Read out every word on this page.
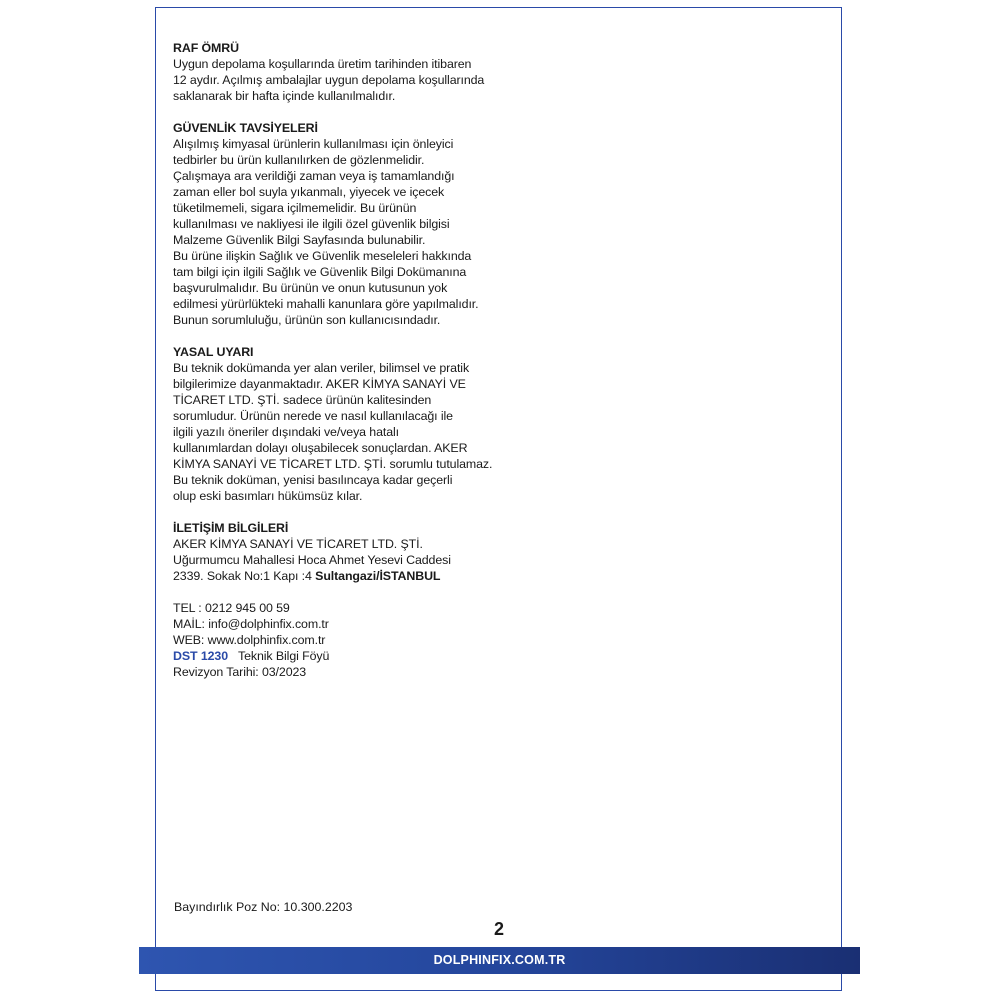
RAF ÖMRÜ
Uygun depolama koşullarında üretim tarihinden itibaren
12 aydır. Açılmış ambalajlar uygun depolama koşullarında
saklanarak bir hafta içinde kullanılmalıdır.
GÜVENLİK TAVSİYELERİ
Alışılmış kimyasal ürünlerin kullanılması için önleyici
tedbirler bu ürün kullanılırken de gözlenmelidir.
Çalışmaya ara verildiği zaman veya iş tamamlandığı
zaman eller bol suyla yıkanmalı, yiyecek ve içecek
tüketilmemeli, sigara içilmemelidir. Bu ürünün
kullanılması ve nakliyesi ile ilgili özel güvenlik bilgisi
Malzeme Güvenlik Bilgi Sayfasında bulunabilir.
Bu ürüne ilişkin Sağlık ve Güvenlik meseleleri hakkında
tam bilgi için ilgili Sağlık ve Güvenlik Bilgi Dokümanına
başvurulmalıdır. Bu ürünün ve onun kutusunun yok
edilmesi yürürlükteki mahalli kanunlara göre yapılmalıdır.
Bunun sorumluluğu, ürünün son kullanıcısındadır.
YASAL UYARI
Bu teknik dokümanda yer alan veriler, bilimsel ve pratik
bilgilerimize dayanmaktadır. AKER KİMYA SANAYİ VE
TİCARET LTD. ŞTİ. sadece ürünün kalitesinden
sorumludur. Ürünün nerede ve nasıl kullanılacağı ile
ilgili yazılı öneriler dışındaki ve/veya hatalı
kullanımlardan dolayı oluşabilecek sonuçlardan. AKER
KİMYA SANAYİ VE TİCARET LTD. ŞTİ. sorumlu tutulamaz.
Bu teknik doküman, yenisi basılıncaya kadar geçerli
olup eski basımları hükümsüz kılar.
İLETİŞİM BİLGİLERİ
AKER KİMYA SANAYİ VE TİCARET LTD. ŞTİ.
Uğurmumcu Mahallesi Hoca Ahmet Yesevi Caddesi
2339. Sokak No:1 Kapı :4 Sultangazi/İSTANBUL
TEL : 0212 945 00 59
MAİL: info@dolphinfix.com.tr
WEB: www.dolphinfix.com.tr
DST 1230 Teknik Bilgi Föyü
Revizyon Tarihi: 03/2023
Bayındırlık Poz No: 10.300.2203
2
DOLPHINFIX.COM.TR
